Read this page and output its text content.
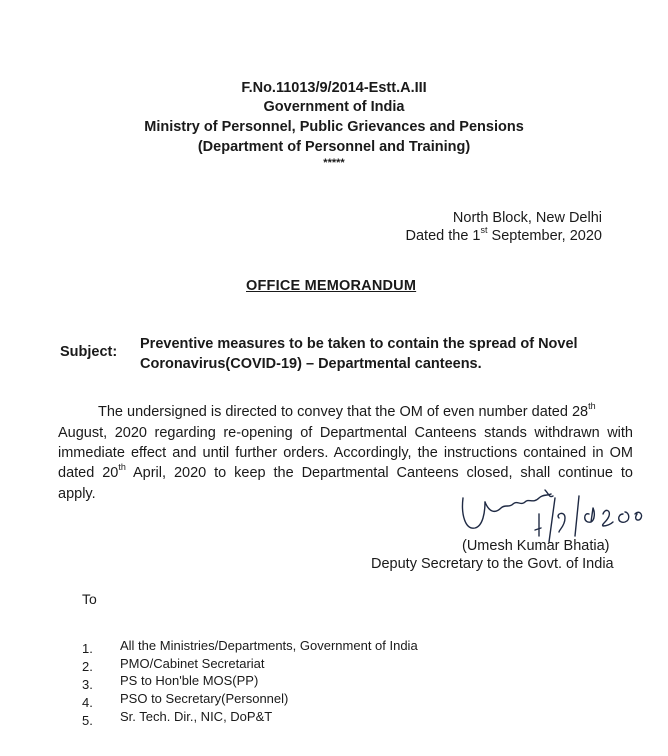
F.No.11013/9/2014-Estt.A.III
Government of India
Ministry of Personnel, Public Grievances and Pensions
(Department of Personnel and Training)
*****
North Block, New Delhi
Dated the 1st September, 2020
OFFICE MEMORANDUM
Subject: Preventive measures to be taken to contain the spread of Novel
Coronavirus(COVID-19) – Departmental canteens.
The undersigned is directed to convey that the OM of even number dated 28th
August, 2020 regarding re-opening of Departmental Canteens stands withdrawn with
immediate effect and until further orders. Accordingly, the instructions contained in OM
dated 20th April, 2020 to keep the Departmental Canteens closed, shall continue to
apply.
(Umesh Kumar Bhatia)
Deputy Secretary to the Govt. of India
To
1. All the Ministries/Departments, Government of India
2. PMO/Cabinet Secretariat
3. PS to Hon'ble MOS(PP)
4. PSO to Secretary(Personnel)
5. Sr. Tech. Dir., NIC, DoP&T
